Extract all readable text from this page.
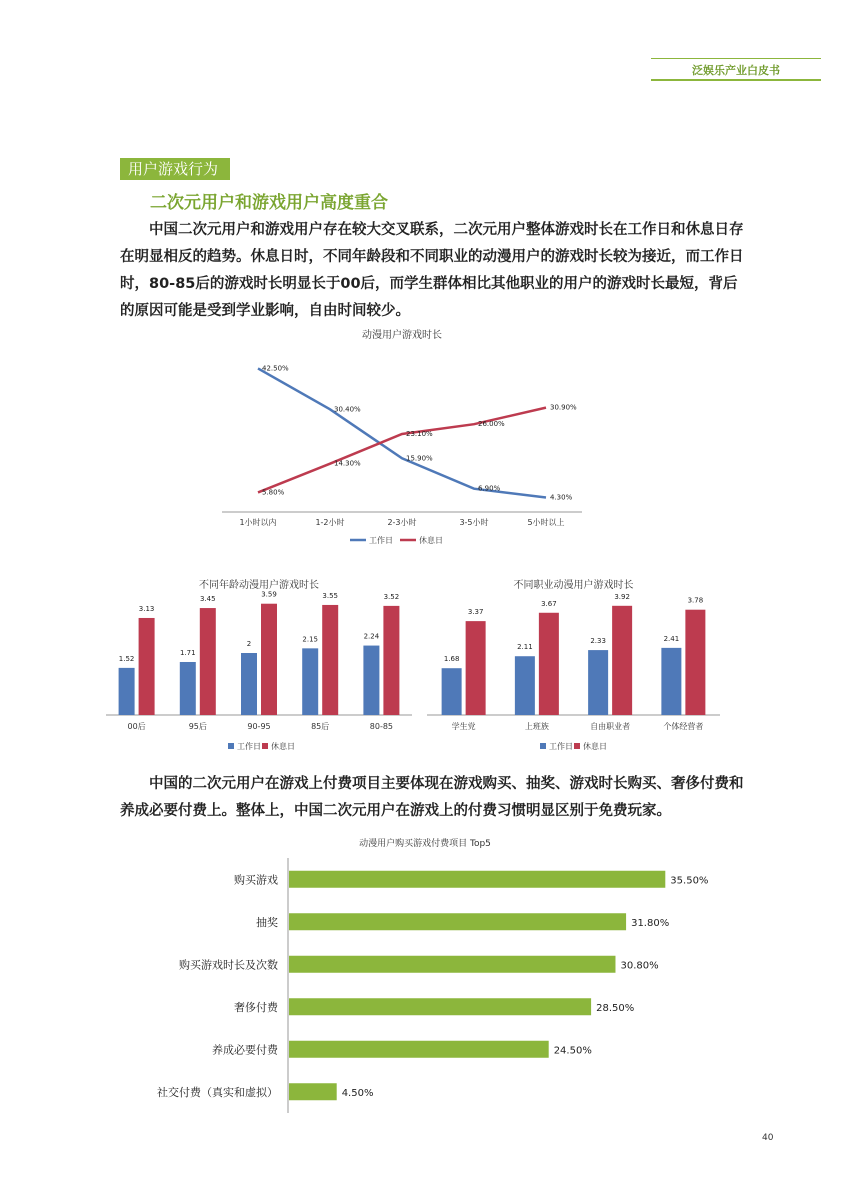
泛娱乐产业白皮书
用户游戏行为
二次元用户和游戏用户高度重合
中国二次元用户和游戏用户存在较大交叉联系，二次元用户整体游戏时长在工作日和休息日存在明显相反的趋势。休息日时，不同年龄段和不同职业的动漫用户的游戏时长较为接近，而工作日时，80-85后的游戏时长明显长于00后，而学生群体相比其他职业的用户的游戏时长最短，背后的原因可能是受到学业影响，自由时间较少。
中国的二次元用户在游戏上付费项目主要体现在游戏购买、抽奖、游戏时长购买、奢侈付费和养成必要付费上。整体上，中国二次元用户在游戏上的付费习惯明显区别于免费玩家。
动漫用户游戏时长
1小时以内	1-2小时	2-3小时	3-5小时	5小时以上
42.50%
30.40%
15.90%
6.90%
4.30%
5.80%
14.30%
23.10%
26.00%
30.90%
工作日	休息日
不同年龄动漫用户游戏时长
00后
1.52
3.13
95后
1.71
3.45
90-95
2
3.59
85后
2.15
3.55
80-85
2.24
3.52
工作日 休息日
不同职业动漫用户游戏时长
学生党
1.68
3.37
上班族
2.11
3.67
自由职业者
2.33
3.92
个体经营者
2.41
3.78
工作日 休息日
动漫用户购买游戏付费项目 Top5
购买游戏	35.50%
抽奖	31.80%
购买游戏时长及次数	30.80%
奢侈付费	28.50%
养成必要付费	24.50%
社交付费（真实和虚拟）	4.50%
40
